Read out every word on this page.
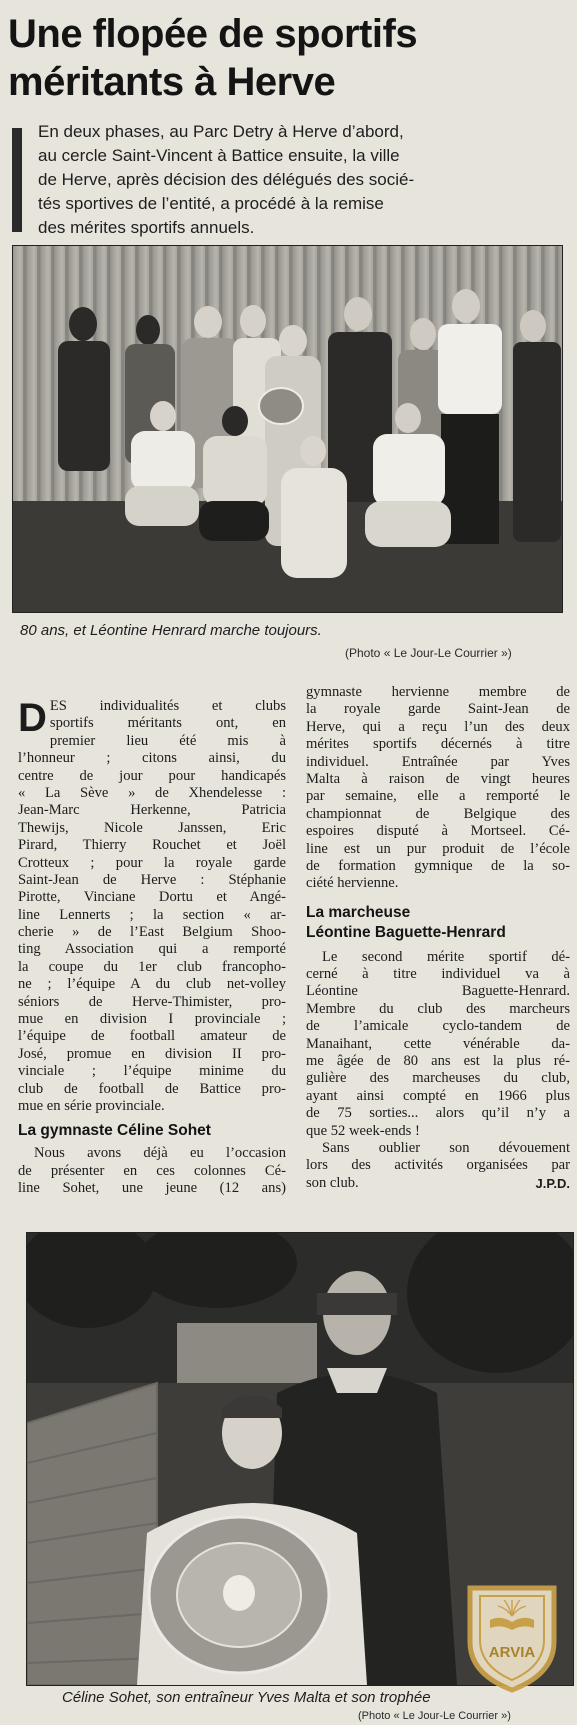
Une flopée de sportifs
méritants à Herve
En deux phases, au Parc Detry à Herve d’abord,
au cercle Saint-Vincent à Battice ensuite, la ville
de Herve, après décision des délégués des socié-
tés sportives de l’entité, a procédé à la remise
des mérites sportifs annuels.
80 ans, et Léontine Henrard marche toujours.
(Photo « Le Jour-Le Courrier »)
D ES individualités et clubs
sportifs méritants ont, en
premier lieu été mis à
l’honneur ; citons ainsi, du
centre de jour pour handicapés
« La Sève » de Xhendelesse :
Jean-Marc Herkenne, Patricia
Thewijs, Nicole Janssen, Eric
Pirard, Thierry Rouchet et Joël
Crotteux ; pour la royale garde
Saint-Jean de Herve : Stéphanie
Pirotte, Vinciane Dortu et Angé-
line Lennerts ; la section « ar-
cherie » de l’East Belgium Shoo-
ting Association qui a remporté
la coupe du 1er club francopho-
ne ; l’équipe A du club net-volley
séniors de Herve-Thimister, pro-
mue en division I provinciale ;
l’équipe de football amateur de
José, promue en division II pro-
vinciale ; l’équipe minime du
club de football de Battice pro-
mue en série provinciale.
La gymnaste Céline Sohet
Nous avons déjà eu l’occasion
de présenter en ces colonnes Cé-
line Sohet, une jeune (12 ans)
gymnaste hervienne membre de
la royale garde Saint-Jean de
Herve, qui a reçu l’un des deux
mérites sportifs décernés à titre
individuel. Entraînée par Yves
Malta à raison de vingt heures
par semaine, elle a remporté le
championnat de Belgique des
espoires disputé à Mortseel. Cé-
line est un pur produit de l’école
de formation gymnique de la so-
ciété hervienne.
La marcheuse
Léontine Baguette-Henrard
Le second mérite sportif dé-
cerné à titre individuel va à
Léontine Baguette-Henrard.
Membre du club des marcheurs
de l’amicale cyclo-tandem de
Manaihant, cette vénérable da-
me âgée de 80 ans est la plus ré-
gulière des marcheuses du club,
ayant ainsi compté en 1966 plus
de 75 sorties... alors qu’il n’y a
que 52 week-ends !
Sans oublier son dévouement
lors des activités organisées par
son club.	J.P.D.
Céline Sohet, son entraîneur Yves Malta et son trophée
(Photo « Le Jour-Le Courrier »)
ARVIA
